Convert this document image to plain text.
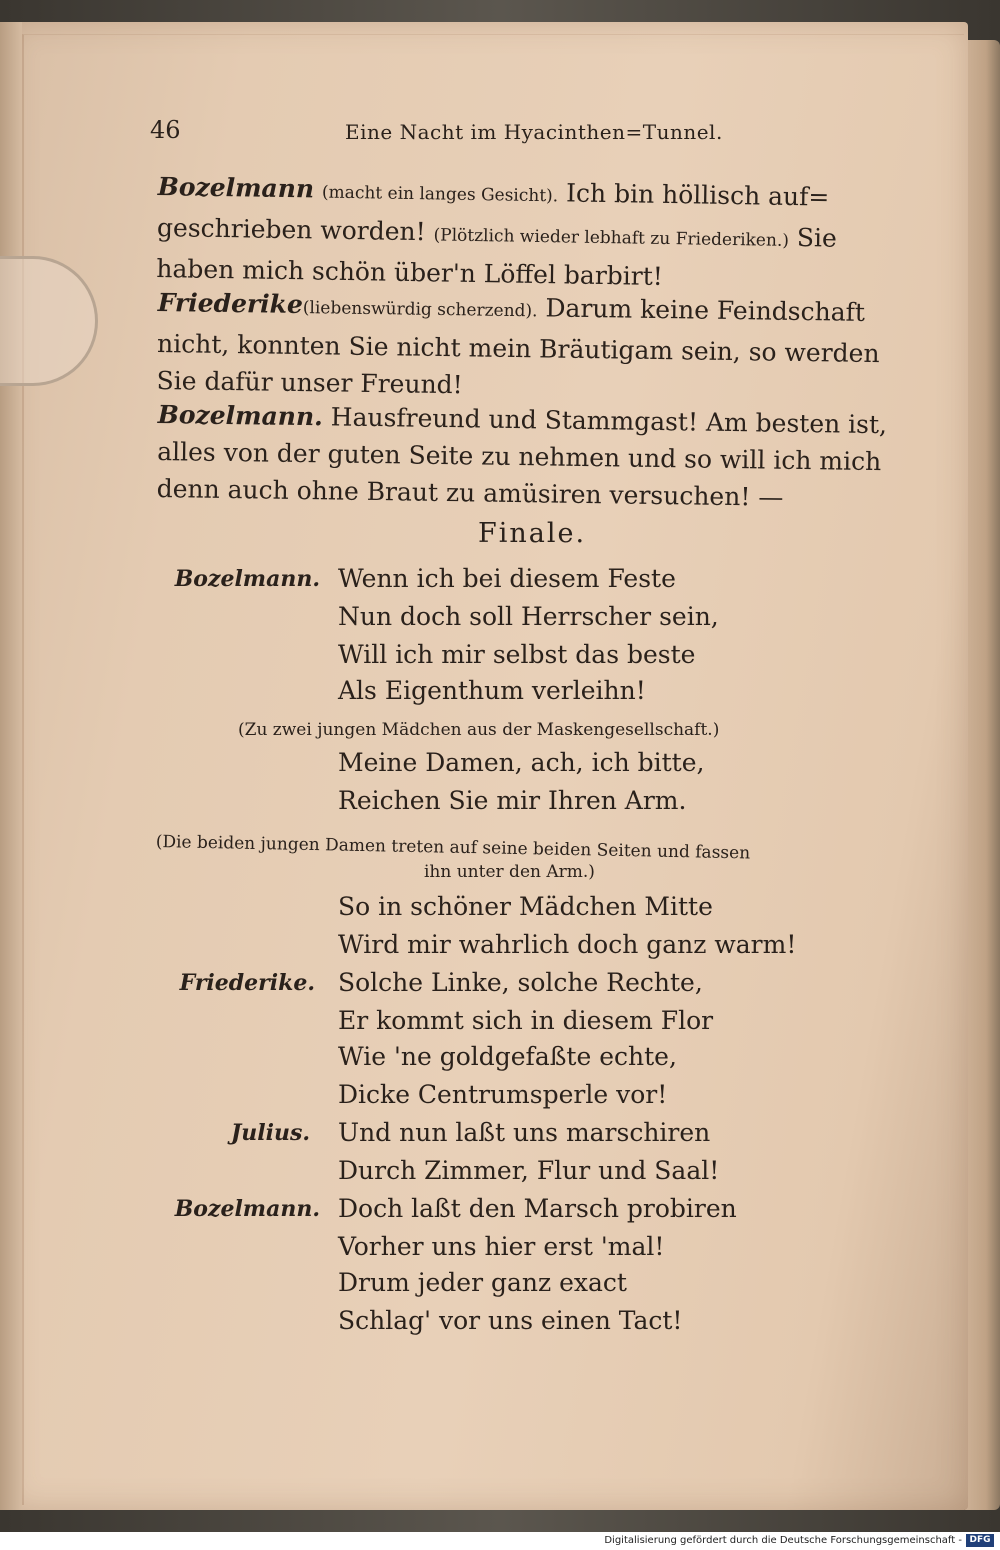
46	Eine Nacht im Hyacinthen=Tunnel.
Bozelmann (macht ein langes Gesicht). Ich bin höllisch auf=
geschrieben worden! (Plötzlich wieder lebhaft zu Friederiken.) Sie
haben mich schön über'n Löffel barbirt!
Friederike(liebenswürdig scherzend). Darum keine Feindschaft
nicht, konnten Sie nicht mein Bräutigam sein, so werden
Sie dafür unser Freund!
Bozelmann. Hausfreund und Stammgast! Am besten ist,
alles von der guten Seite zu nehmen und so will ich mich
denn auch ohne Braut zu amüsiren versuchen! —
Finale.
Bozelmann. Wenn ich bei diesem Feste
Nun doch soll Herrscher sein,
Will ich mir selbst das beste
Als Eigenthum verleihn!
(Zu zwei jungen Mädchen aus der Maskengesellschaft.)
Meine Damen, ach, ich bitte,
Reichen Sie mir Ihren Arm.
(Die beiden jungen Damen treten auf seine beiden Seiten und fassen
ihn unter den Arm.)
So in schöner Mädchen Mitte
Wird mir wahrlich doch ganz warm!
Friederike. Solche Linke, solche Rechte,
Er kommt sich in diesem Flor
Wie 'ne goldgefaßte echte,
Dicke Centrumsperle vor!
Julius. Und nun laßt uns marschiren
Durch Zimmer, Flur und Saal!
Bozelmann. Doch laßt den Marsch probiren
Vorher uns hier erst 'mal!
Drum jeder ganz exact
Schlag' vor uns einen Tact!
Digitalisierung gefördert durch die Deutsche Forschungsgemeinschaft - DFG
